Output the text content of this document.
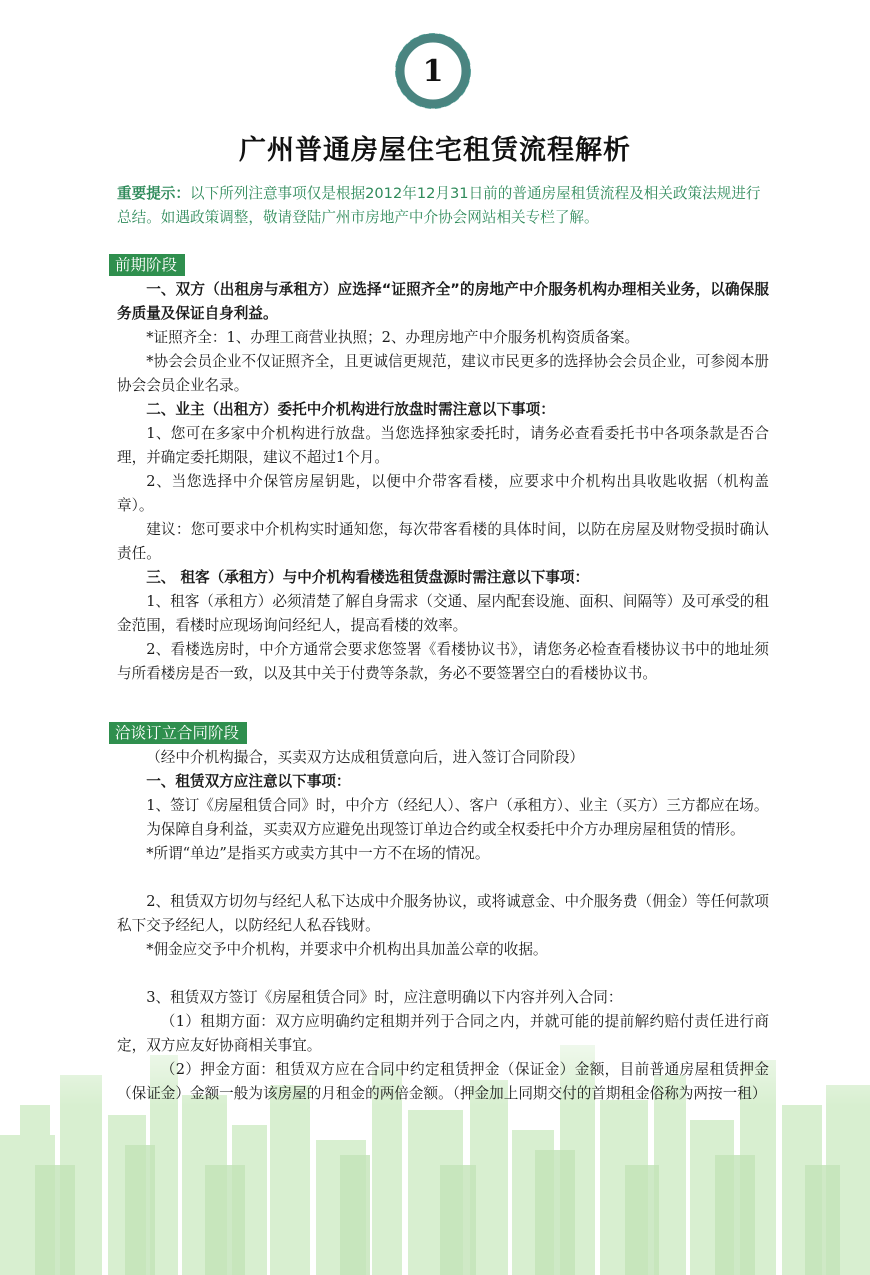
1
广州普通房屋住宅租赁流程解析
重要提示：以下所列注意事项仅是根据2012年12月31日前的普通房屋租赁流程及相关政策法规进行总结。如遇政策调整，敬请登陆广州市房地产中介协会网站相关专栏了解。
前期阶段

一、双方（出租房与承租方）应选择“证照齐全”的房地产中介服务机构办理相关业务，以确保服务质量及保证自身利益。

*证照齐全：1、办理工商营业执照；2、办理房地产中介服务机构资质备案。

*协会会员企业不仅证照齐全，且更诚信更规范，建议市民更多的选择协会会员企业，可参阅本册协会会员企业名录。

二、业主（出租方）委托中介机构进行放盘时需注意以下事项：

1、您可在多家中介机构进行放盘。当您选择独家委托时，请务必查看委托书中各项条款是否合理，并确定委托期限，建议不超过1个月。

2、当您选择中介保管房屋钥匙，以便中介带客看楼，应要求中介机构出具收匙收据（机构盖章）。

建议：您可要求中介机构实时通知您，每次带客看楼的具体时间，以防在房屋及财物受损时确认责任。

三、 租客（承租方）与中介机构看楼选租赁盘源时需注意以下事项：

1、租客（承租方）必须清楚了解自身需求（交通、屋内配套设施、面积、间隔等）及可承受的租金范围，看楼时应现场询问经纪人，提高看楼的效率。

2、看楼选房时，中介方通常会要求您签署《看楼协议书》，请您务必检查看楼协议书中的地址须与所看楼房是否一致，以及其中关于付费等条款，务必不要签署空白的看楼协议书。

洽谈订立合同阶段

（经中介机构撮合，买卖双方达成租赁意向后，进入签订合同阶段）

一、租赁双方应注意以下事项：

1、签订《房屋租赁合同》时，中介方（经纪人）、客户（承租方）、业主（买方）三方都应在场。

为保障自身利益，买卖双方应避免出现签订单边合约或全权委托中介方办理房屋租赁的情形。

*所谓“单边”是指买方或卖方其中一方不在场的情况。

2、租赁双方切勿与经纪人私下达成中介服务协议，或将诚意金、中介服务费（佣金）等任何款项私下交予经纪人，以防经纪人私吞钱财。

*佣金应交予中介机构，并要求中介机构出具加盖公章的收据。

3、租赁双方签订《房屋租赁合同》时，应注意明确以下内容并列入合同：

（1）租期方面：双方应明确约定租期并列于合同之内，并就可能的提前解约赔付责任进行商定，双方应友好协商相关事宜。

（2）押金方面：租赁双方应在合同中约定租赁押金（保证金）金额，目前普通房屋租赁押金（保证金）金额一般为该房屋的月租金的两倍金额。（押金加上同期交付的首期租金俗称为两按一租）
